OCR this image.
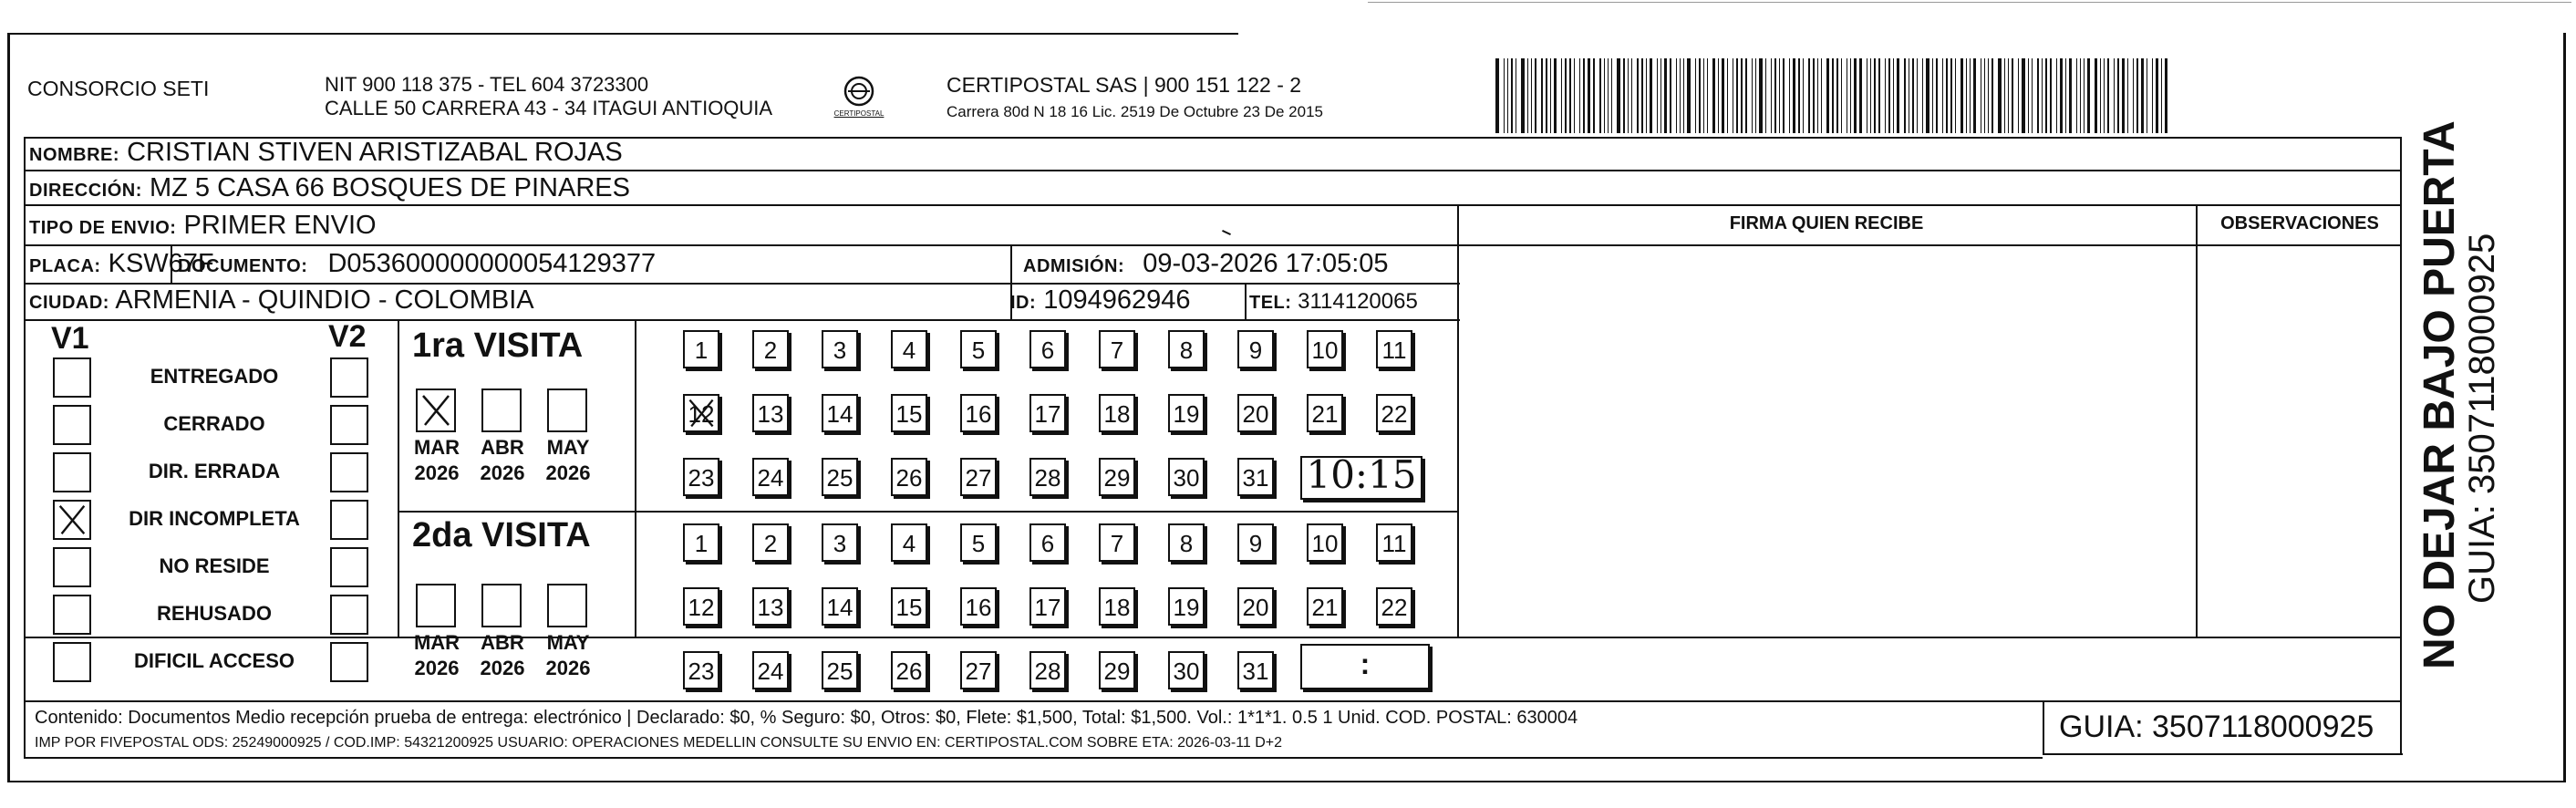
CONSORCIO SETI	NIT 900 118 375 - TEL 604 3723300
CALLE 50 CARRERA 43 - 34 ITAGUI ANTIOQUIA	CERTIPOSTAL
CERTIPOSTAL SAS | 900 151 122 - 2
Carrera 80d N 18 16 Lic. 2519 De Octubre 23 De 2015
NOMBRE: CRISTIAN STIVEN ARISTIZABAL ROJAS
DIRECCIÓN: MZ 5 CASA 66 BOSQUES DE PINARES
TIPO DE ENVIO: PRIMER ENVIO
PLACA: KSW67F
DOCUMENTO: D053600000000054129377	ADMISIÓN: 09-03-2026 17:05:05
CIUDAD: ARMENIA - QUINDIO - COLOMBIA	ID: 1094962946	TEL: 3114120065
FIRMA QUIEN RECIBE	OBSERVACIONES
V1	V2
ENTREGADO
CERRADO
DIR. ERRADA
DIR INCOMPLETA
NO RESIDE
REHUSADO
DIFICIL ACCESO
1ra VISITA
MAR
2026
ABR
2026
MAY
2026
1	2	3	4	5	6	7	8	9	10 11
12 13 14 15 16 17 18 19 20 21 22
23 24 25 26 27 28 29 30 31 10:15
2da VISITA
MAR
2026
ABR
2026
MAY
2026
1	2	3	4	5	6	7	8	9	10 11
12 13 14 15 16 17 18 19 20 21 22
23 24 25 26 27 28 29 30 31	:
Contenido: Documentos Medio recepción prueba de entrega: electrónico | Declarado: $0, % Seguro: $0, Otros: $0, Flete: $1,500, Total: $1,500. Vol.: 1*1*1. 0.5 1 Unid. COD. POSTAL: 630004
IMP POR FIVEPOSTAL ODS: 25249000925 / COD.IMP: 54321200925 USUARIO: OPERACIONES MEDELLIN CONSULTE SU ENVIO EN: CERTIPOSTAL.COM SOBRE ETA: 2026-03-11 D+2	GUIA: 3507118000925
NO DEJAR BAJO PUERTA
GUIA: 3507118000925
